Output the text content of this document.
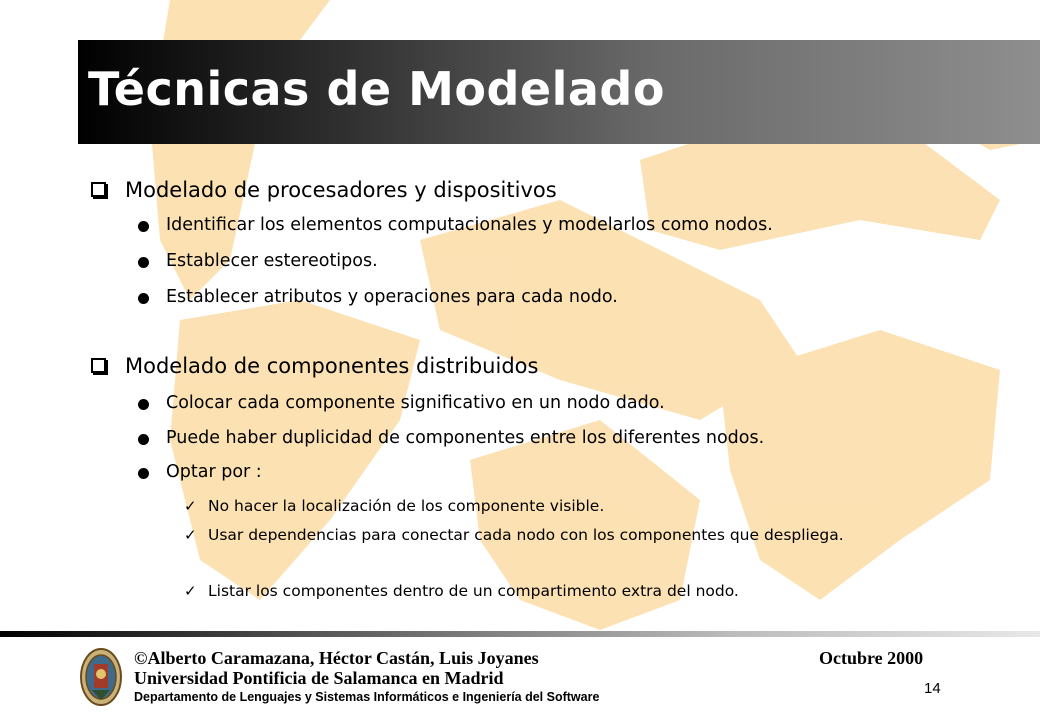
Técnicas de Modelado
Modelado de procesadores y dispositivos
Identificar los elementos computacionales y modelarlos como nodos.
Establecer estereotipos.
Establecer atributos y operaciones para cada nodo.
Modelado de componentes distribuidos
Colocar cada componente significativo en un nodo dado.
Puede haber duplicidad de componentes entre los diferentes nodos.
Optar por :
✓ No hacer la localización de los componente visible.
✓ Usar dependencias para conectar cada nodo con los componentes que despliega.
✓ Listar los componentes dentro de un compartimento extra del nodo.
©Alberto Caramazana, Héctor Castán, Luis Joyanes
Universidad Pontificia de Salamanca en Madrid
Departamento de Lenguajes y Sistemas Informáticos e Ingeniería del Software
Octubre 2000
14
